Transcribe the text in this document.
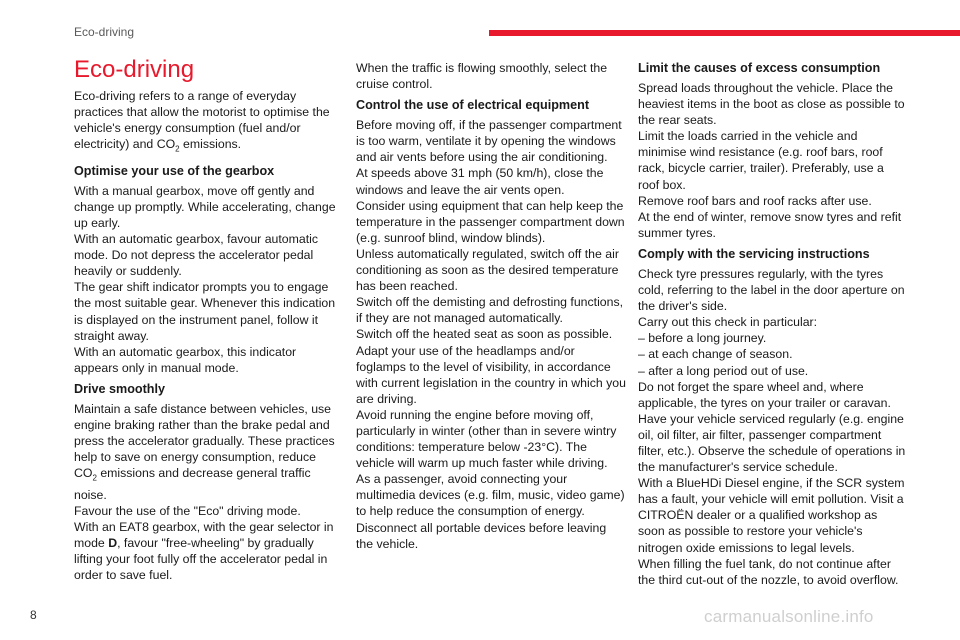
Eco-driving
Eco-driving

Eco-driving refers to a range of everyday practices that allow the motorist to optimise the vehicle's energy consumption (fuel and/or electricity) and $CO_2$ emissions.

Optimise your use of the gearbox

With a manual gearbox, move off gently and change up promptly. While accelerating, change up early.

With an automatic gearbox, favour automatic mode. Do not depress the accelerator pedal heavily or suddenly.

The gear shift indicator prompts you to engage the most suitable gear. Whenever this indication is displayed on the instrument panel, follow it straight away.

With an automatic gearbox, this indicator appears only in manual mode.

Drive smoothly

Maintain a safe distance between vehicles, use engine braking rather than the brake pedal and press the accelerator gradually. These practices help to save on energy consumption, reduce $CO_2$ emissions and decrease general traffic noise.

Favour the use of the "Eco" driving mode.

With an EAT8 gearbox, with the gear selector in mode D, favour "free-wheeling" by gradually lifting your foot fully off the accelerator pedal in order to save fuel.

When the traffic is flowing smoothly, select the cruise control.

Control the use of electrical equipment

Before moving off, if the passenger compartment is too warm, ventilate it by opening the windows and air vents before using the air conditioning.

At speeds above 31 mph (50 km/h), close the windows and leave the air vents open.

Consider using equipment that can help keep the temperature in the passenger compartment down (e.g. sunroof blind, window blinds).

Unless automatically regulated, switch off the air conditioning as soon as the desired temperature has been reached.

Switch off the demisting and defrosting functions, if they are not managed automatically.

Switch off the heated seat as soon as possible.

Adapt your use of the headlamps and/or foglamps to the level of visibility, in accordance with current legislation in the country in which you are driving.

Avoid running the engine before moving off, particularly in winter (other than in severe wintry conditions: temperature below -23°C). The vehicle will warm up much faster while driving.

As a passenger, avoid connecting your multimedia devices (e.g. film, music, video game) to help reduce the consumption of energy.

Disconnect all portable devices before leaving the vehicle.

Limit the causes of excess consumption

Spread loads throughout the vehicle. Place the heaviest items in the boot as close as possible to the rear seats.

Limit the loads carried in the vehicle and minimise wind resistance (e.g. roof bars, roof rack, bicycle carrier, trailer). Preferably, use a roof box.

Remove roof bars and roof racks after use.

At the end of winter, remove snow tyres and refit summer tyres.

Comply with the servicing instructions

Check tyre pressures regularly, with the tyres cold, referring to the label in the door aperture on the driver's side.

Carry out this check in particular:

– before a long journey.

– at each change of season.

– after a long period out of use.

Do not forget the spare wheel and, where applicable, the tyres on your trailer or caravan.

Have your vehicle serviced regularly (e.g. engine oil, oil filter, air filter, passenger compartment filter, etc.). Observe the schedule of operations in the manufacturer's service schedule.

With a BlueHDi Diesel engine, if the SCR system has a fault, your vehicle will emit pollution. Visit a CITROËN dealer or a qualified workshop as soon as possible to restore your vehicle's nitrogen oxide emissions to legal levels.

When filling the fuel tank, do not continue after the third cut-out of the nozzle, to avoid overflow.

8	carmanualsonline.info
